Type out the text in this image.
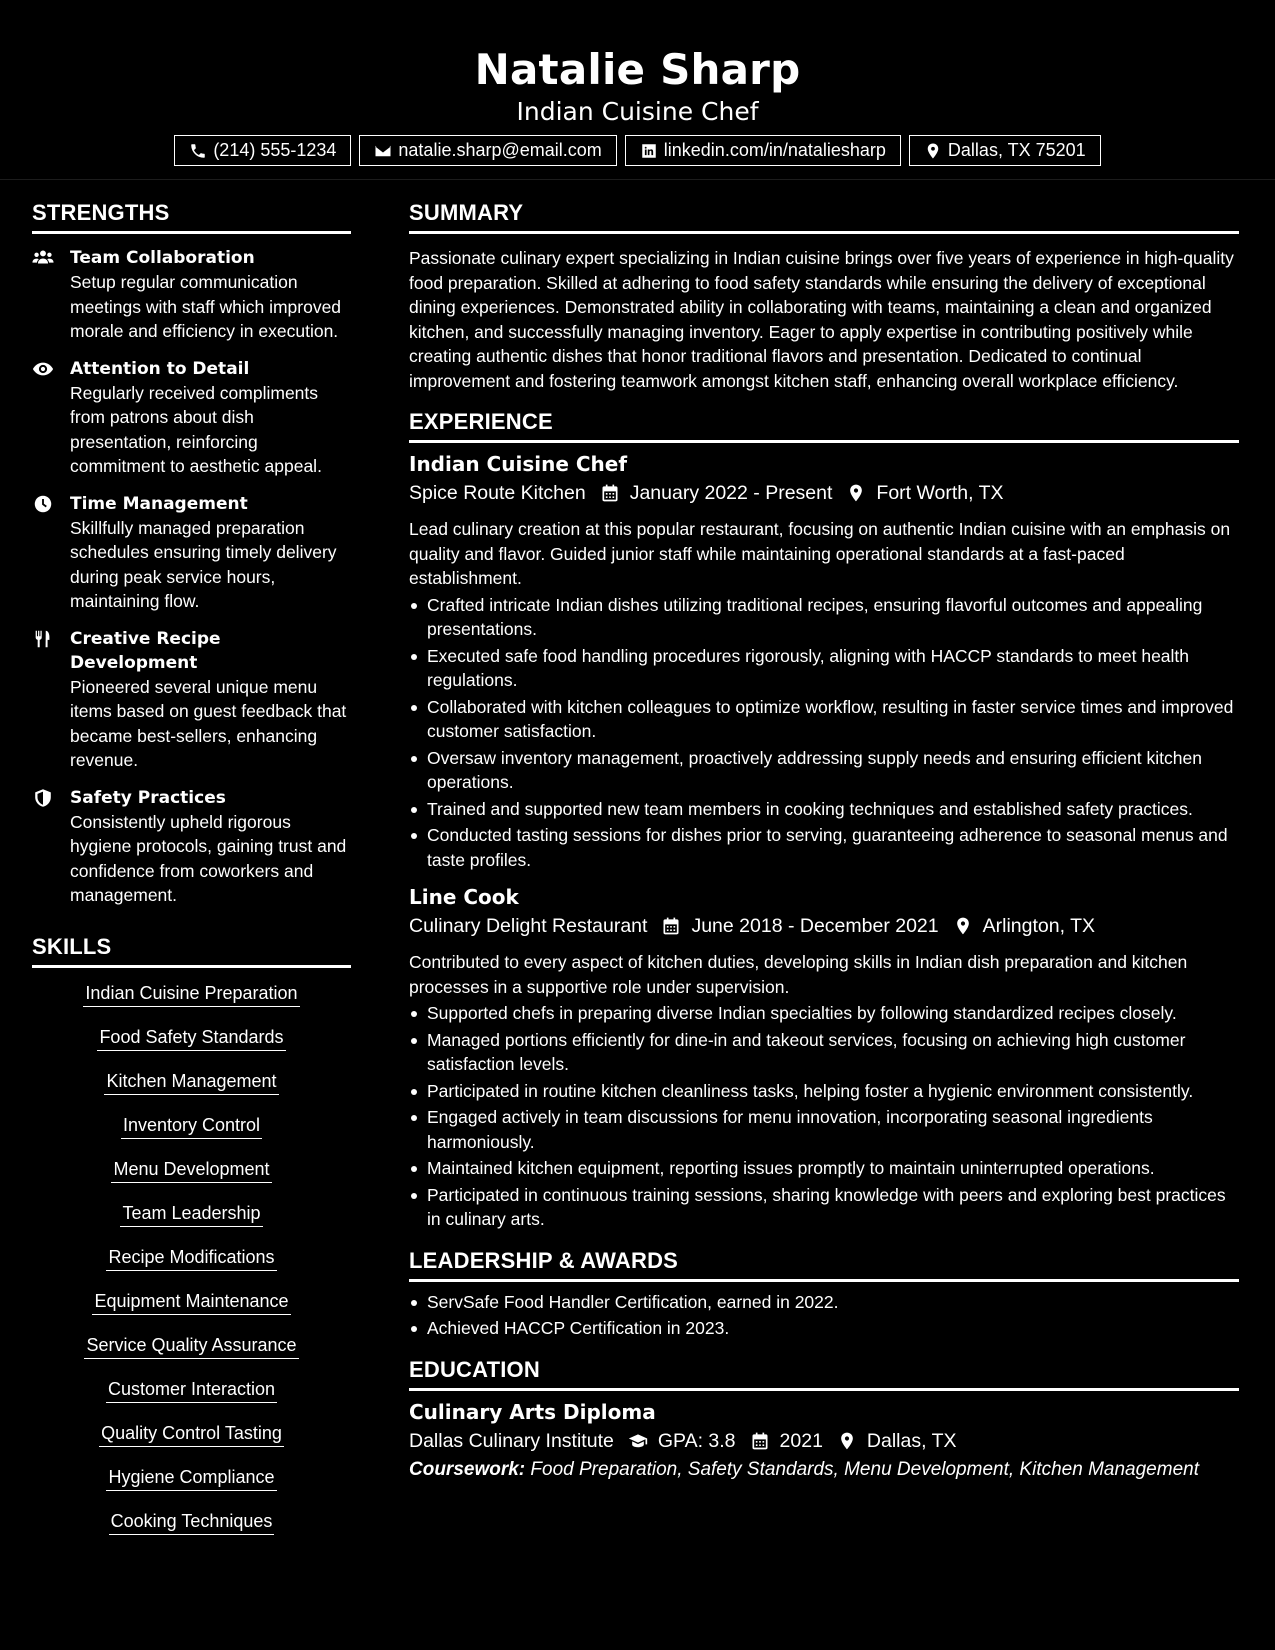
Natalie Sharp
Indian Cuisine Chef
(214) 555-1234	natalie.sharp@email.com	linkedin.com/in/nataliesharp	Dallas, TX 75201
STRENGTHS
Team Collaboration
Setup regular communication meetings with staff which improved morale and efficiency in execution.
Attention to Detail
Regularly received compliments from patrons about dish presentation, reinforcing commitment to aesthetic appeal.
Time Management
Skillfully managed preparation schedules ensuring timely delivery during peak service hours, maintaining flow.
Creative Recipe Development
Pioneered several unique menu items based on guest feedback that became best-sellers, enhancing revenue.
Safety Practices
Consistently upheld rigorous hygiene protocols, gaining trust and confidence from coworkers and management.
SKILLS
Indian Cuisine Preparation
Food Safety Standards
Kitchen Management
Inventory Control
Menu Development
Team Leadership
Recipe Modifications
Equipment Maintenance
Service Quality Assurance
Customer Interaction
Quality Control Tasting
Hygiene Compliance
Cooking Techniques
SUMMARY

Passionate culinary expert specializing in Indian cuisine brings over five years of experience in high-quality food preparation. Skilled at adhering to food safety standards while ensuring the delivery of exceptional dining experiences. Demonstrated ability in collaborating with teams, maintaining a clean and organized kitchen, and successfully managing inventory. Eager to apply expertise in contributing positively while creating authentic dishes that honor traditional flavors and presentation. Dedicated to continual improvement and fostering teamwork amongst kitchen staff, enhancing overall workplace efficiency.

EXPERIENCE
Indian Cuisine Chef
Spice Route Kitchen January 2022 - Present Fort Worth, TX

Lead culinary creation at this popular restaurant, focusing on authentic Indian cuisine with an emphasis on quality and flavor. Guided junior staff while maintaining operational standards at a fast-paced establishment.

Crafted intricate Indian dishes utilizing traditional recipes, ensuring flavorful outcomes and appealing presentations.
Executed safe food handling procedures rigorously, aligning with HACCP standards to meet health regulations.
Collaborated with kitchen colleagues to optimize workflow, resulting in faster service times and improved customer satisfaction.
Oversaw inventory management, proactively addressing supply needs and ensuring efficient kitchen operations.
Trained and supported new team members in cooking techniques and established safety practices.
Conducted tasting sessions for dishes prior to serving, guaranteeing adherence to seasonal menus and taste profiles.
Line Cook
Culinary Delight Restaurant June 2018 - December 2021 Arlington, TX

Contributed to every aspect of kitchen duties, developing skills in Indian dish preparation and kitchen processes in a supportive role under supervision.

Supported chefs in preparing diverse Indian specialties by following standardized recipes closely.
Managed portions efficiently for dine-in and takeout services, focusing on achieving high customer satisfaction levels.
Participated in routine kitchen cleanliness tasks, helping foster a hygienic environment consistently.
Engaged actively in team discussions for menu innovation, incorporating seasonal ingredients harmoniously.
Maintained kitchen equipment, reporting issues promptly to maintain uninterrupted operations.
Participated in continuous training sessions, sharing knowledge with peers and exploring best practices in culinary arts.
LEADERSHIP & AWARDS
ServSafe Food Handler Certification, earned in 2022.
Achieved HACCP Certification in 2023.
EDUCATION
Culinary Arts Diploma
Dallas Culinary Institute GPA: 3.8 2021 Dallas, TX
Coursework: Food Preparation, Safety Standards, Menu Development, Kitchen Management
